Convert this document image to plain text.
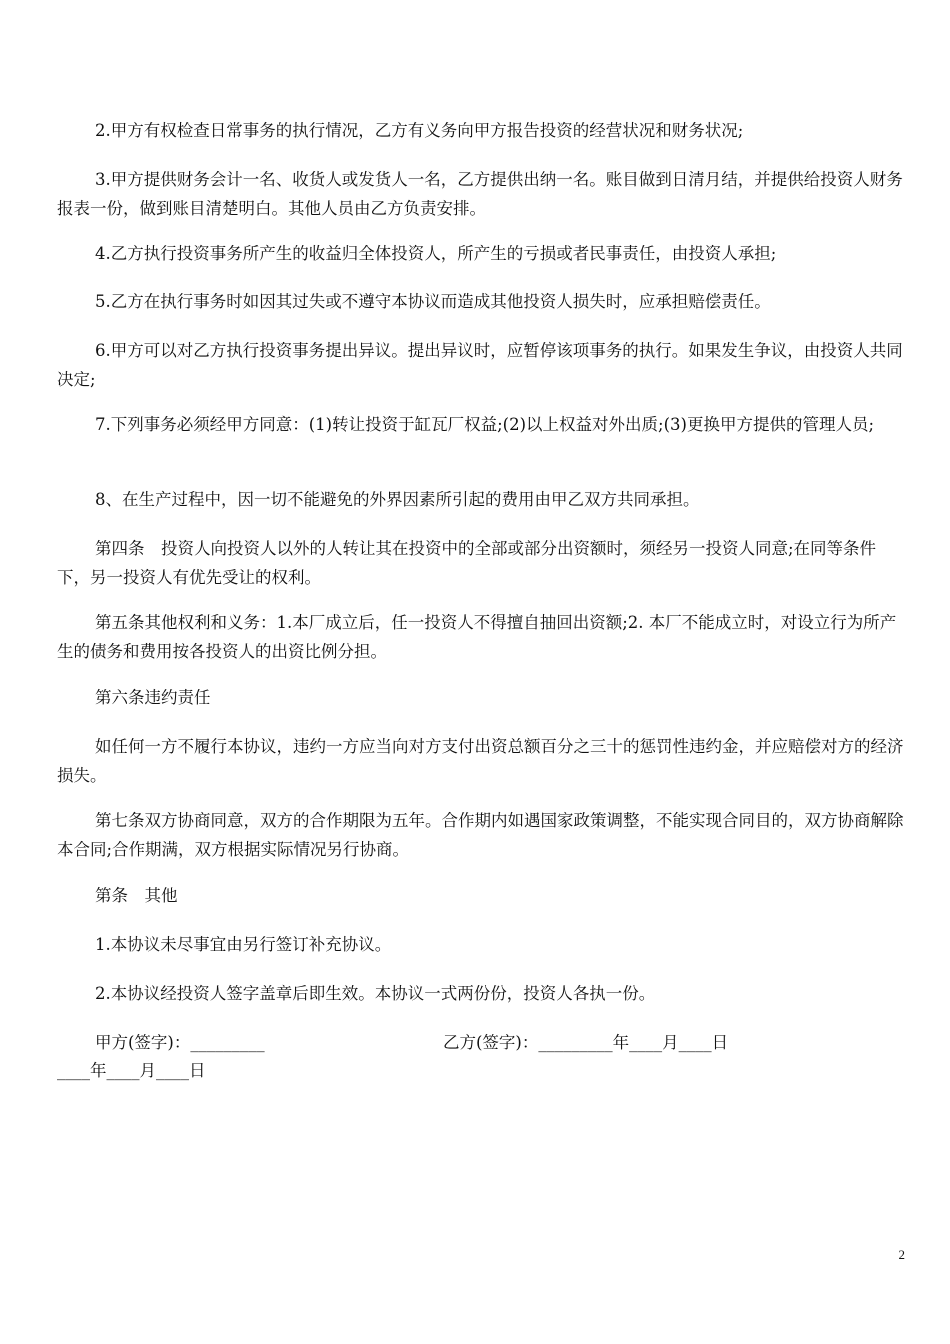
2.甲方有权检查日常事务的执行情况，乙方有义务向甲方报告投资的经营状况和财务状况;

3.甲方提供财务会计一名、收货人或发货人一名，乙方提供出纳一名。账目做到日清月结，并提供给投资人财务报表一份，做到账目清楚明白。其他人员由乙方负责安排。

4.乙方执行投资事务所产生的收益归全体投资人，所产生的亏损或者民事责任，由投资人承担;

5.乙方在执行事务时如因其过失或不遵守本协议而造成其他投资人损失时，应承担赔偿责任。

6.甲方可以对乙方执行投资事务提出异议。提出异议时，应暂停该项事务的执行。如果发生争议，由投资人共同决定;

7.下列事务必须经甲方同意：(1)转让投资于缸瓦厂权益;(2)以上权益对外出质;(3)更换甲方提供的管理人员;

8、在生产过程中，因一切不能避免的外界因素所引起的费用由甲乙双方共同承担。

第四条　投资人向投资人以外的人转让其在投资中的全部或部分出资额时，须经另一投资人同意;在同等条件下，另一投资人有优先受让的权利。

第五条其他权利和义务：1.本厂成立后，任一投资人不得擅自抽回出资额;2. 本厂不能成立时，对设立行为所产生的债务和费用按各投资人的出资比例分担。

第六条违约责任

如任何一方不履行本协议，违约一方应当向对方支付出资总额百分之三十的惩罚性违约金，并应赔偿对方的经济损失。

第七条双方协商同意，双方的合作期限为五年。合作期内如遇国家政策调整，不能实现合同目的，双方协商解除本合同;合作期满，双方根据实际情况另行协商。

第条　其他

1.本协议未尽事宜由另行签订补充协议。

2.本协议经投资人签字盖章后即生效。本协议一式两份份，投资人各执一份。

甲方(签字)：_________	乙方(签字)：_________年____月____日
____年____月____日
2
